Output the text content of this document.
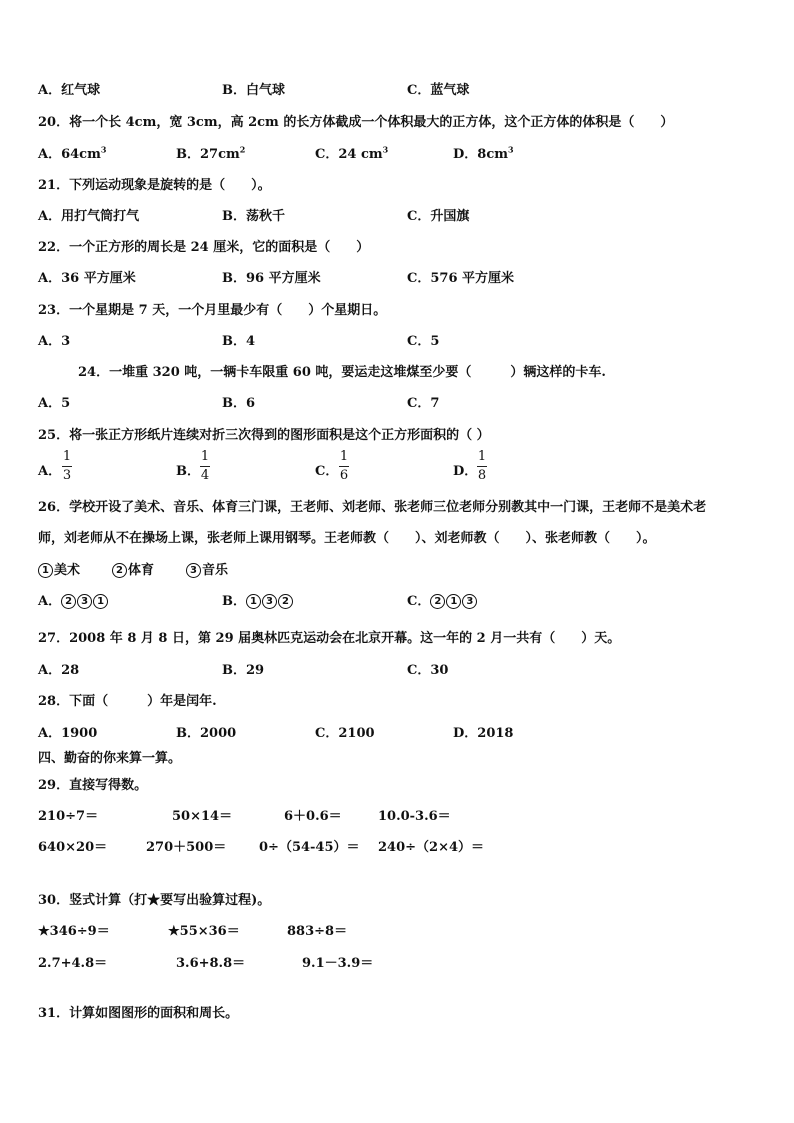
A．红气球	B．白气球	C．蓝气球
20．将一个长 4cm，宽 3cm，高 2cm 的长方体截成一个体积最大的正方体，这个正方体的体积是（　　）
A．$64cm^3$	B．$27cm^2$	C．24 $cm^3$	D．$8cm^3$
21．下列运动现象是旋转的是（　　）。
A．用打气筒打气	B．荡秋千	C．升国旗
22．一个正方形的周长是 24 厘米，它的面积是（　　）
A．36 平方厘米	B．96 平方厘米	C．576 平方厘米
23．一个星期是 7 天，一个月里最少有（　　）个星期日。
A．3	B．4	C．5
24．一堆重 320 吨，一辆卡车限重 60 吨，要运走这堆煤至少要（　　　）辆这样的卡车.
A．5	B．6	C．7
25．将一张正方形纸片连续对折三次得到的图形面积是这个正方形面积的（ ）
A．
1
3	B．
1
4	C．
1
6	D．
1
8
26．学校开设了美术、音乐、体育三门课，王老师、刘老师、张老师三位老师分别教其中一门课，王老师不是美术老
师，刘老师从不在操场上课，张老师上课用钢琴。王老师教（　　）、刘老师教（　　）、张老师教（　　）。
1 美术	2 体育	3 音乐
A． 2 3 1	B． 1 3 2	C． 2 1 3
27．2008 年 8 月 8 日，第 29 届奥林匹克运动会在北京开幕。这一年的 2 月一共有（　　）天。
A．28	B．29	C．30
28．下面（　　　）年是闰年.
A．1900	B．2000	C．2100	D．2018
四、勤奋的你来算一算。
29．直接写得数。
210÷7＝	50×14＝	6＋0.6＝	10.0-3.6＝
640×20＝	270＋500＝	0÷（54-45）＝ 240÷（2×4）＝
30．竖式计算（打★要写出验算过程)。
★346÷9＝	★55×36＝	883÷8＝
2.7+4.8＝	3.6+8.8＝	9.1－3.9＝
31．计算如图图形的面积和周长。
